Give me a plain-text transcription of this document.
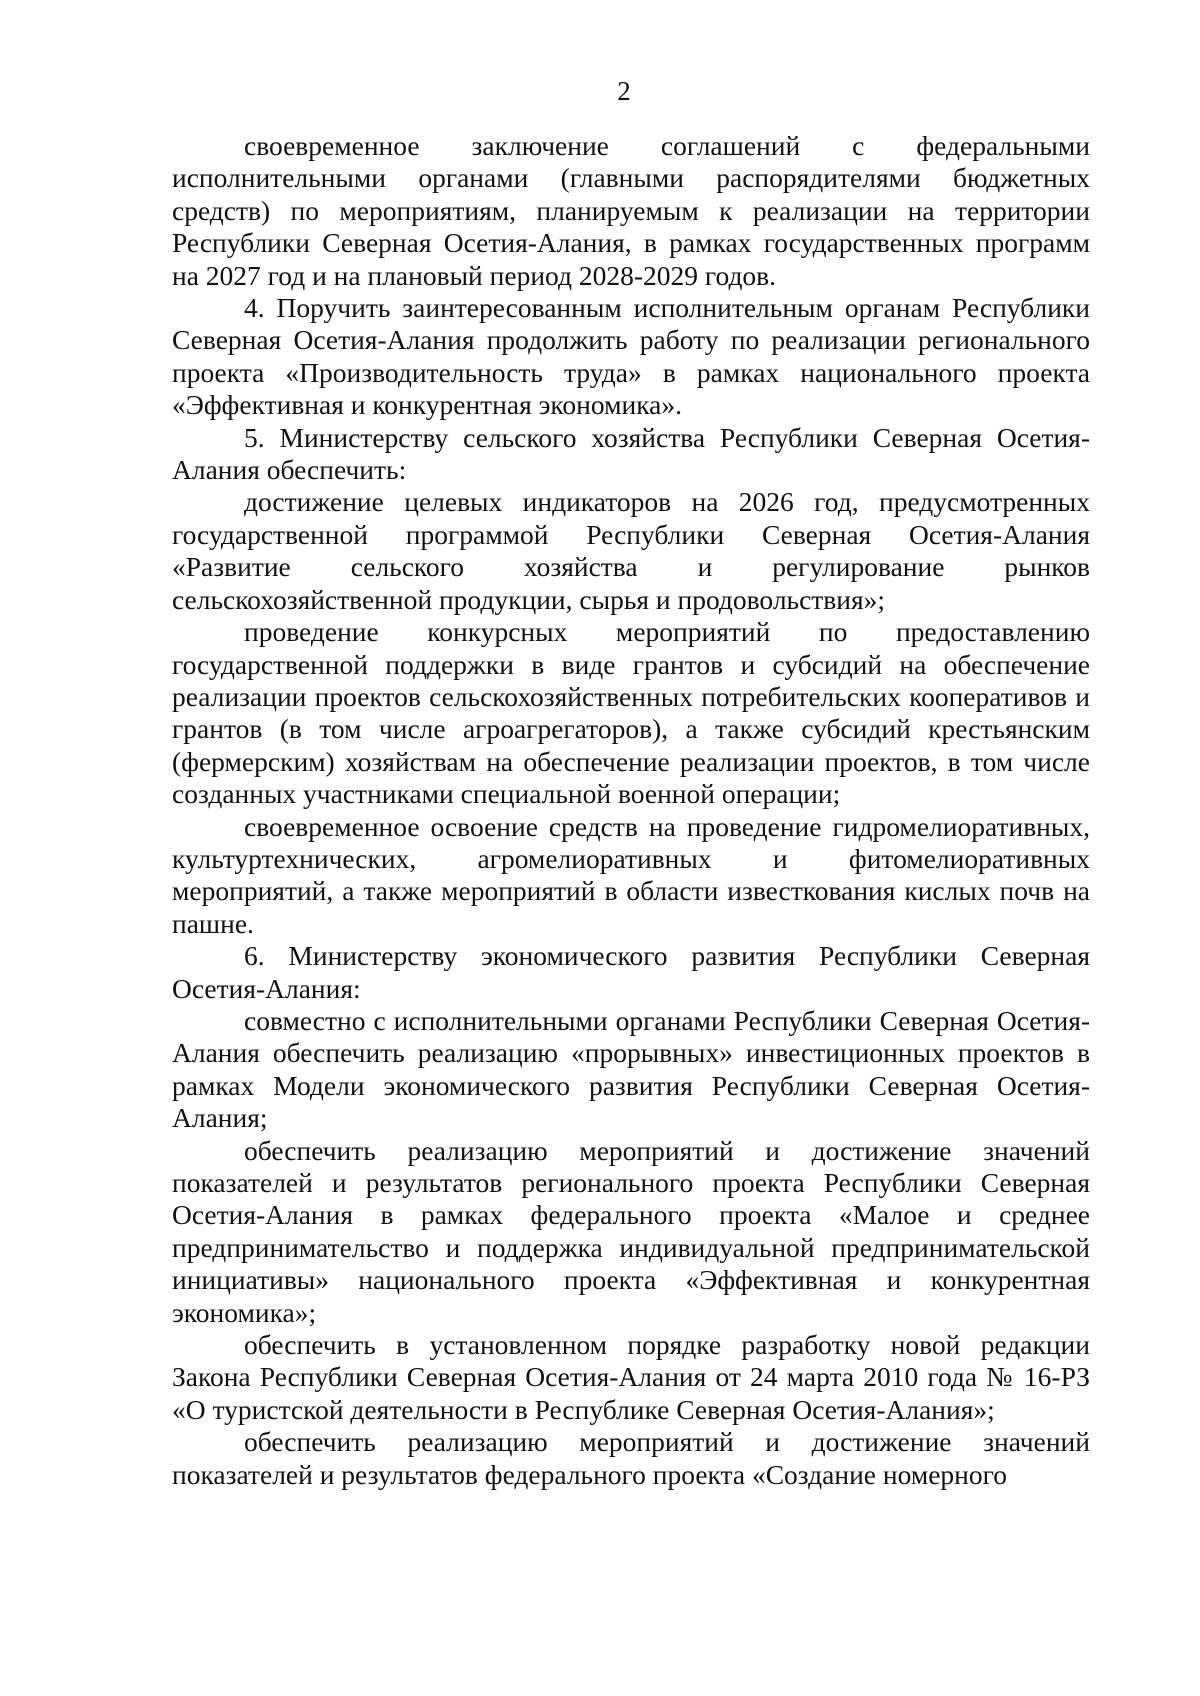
2

своевременное заключение соглашений с федеральными исполнительными органами (главными распорядителями бюджетных средств) по мероприятиям, планируемым к реализации на территории Республики Северная Осетия-Алания, в рамках государственных программ на 2027 год и на плановый период 2028-2029 годов.

4. Поручить заинтересованным исполнительным органам Республики Северная Осетия-Алания продолжить работу по реализации регионального проекта «Производительность труда» в рамках национального проекта «Эффективная и конкурентная экономика».

5. Министерству сельского хозяйства Республики Северная Осетия-Алания обеспечить:

достижение целевых индикаторов на 2026 год, предусмотренных государственной программой Республики Северная Осетия-Алания «Развитие сельского хозяйства и регулирование рынков сельскохозяйственной продукции, сырья и продовольствия»;

проведение конкурсных мероприятий по предоставлению государственной поддержки в виде грантов и субсидий на обеспечение реализации проектов сельскохозяйственных потребительских кооперативов и грантов (в том числе агроагрегаторов), а также субсидий крестьянским (фермерским) хозяйствам на обеспечение реализации проектов, в том числе созданных участниками специальной военной операции;

своевременное освоение средств на проведение гидромелиоративных, культуртехнических, агромелиоративных и фитомелиоративных мероприятий, а также мероприятий в области известкования кислых почв на пашне.

6. Министерству экономического развития Республики Северная Осетия-Алания:

совместно с исполнительными органами Республики Северная Осетия-Алания обеспечить реализацию «прорывных» инвестиционных проектов в рамках Модели экономического развития Республики Северная Осетия-Алания;

обеспечить реализацию мероприятий и достижение значений показателей и результатов регионального проекта Республики Северная Осетия-Алания в рамках федерального проекта «Малое и среднее предпринимательство и поддержка индивидуальной предпринимательской инициативы» национального проекта «Эффективная и конкурентная экономика»;

обеспечить в установленном порядке разработку новой редакции Закона Республики Северная Осетия-Алания от 24 марта 2010 года № 16-РЗ «О туристской деятельности в Республике Северная Осетия-Алания»;

обеспечить реализацию мероприятий и достижение значений показателей и результатов федерального проекта «Создание номерного
